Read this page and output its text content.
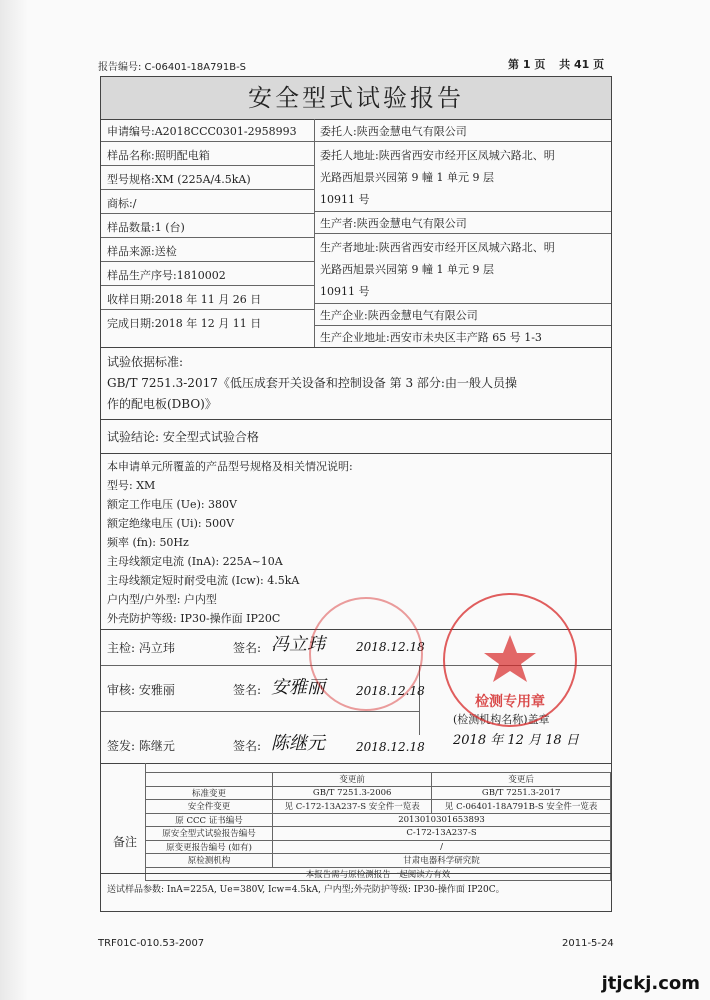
报告编号: C-06401-18A791B-S	第 1 页 共 41 页
安全型式试验报告
申请编号:A2018CCC0301-2958993
样品名称:照明配电箱
型号规格:XM (225A/4.5kA)
商标:/
样品数量:1 (台)
样品来源:送检
样品生产序号:1810002
收样日期:2018 年 11 月 26 日
完成日期:2018 年 12 月 11 日
委托人:陕西金慧电气有限公司
委托人地址:陕西省西安市经开区凤城六路北、明
光路西旭景兴园第 9 幢 1 单元 9 层
10911 号
生产者:陕西金慧电气有限公司
生产者地址:陕西省西安市经开区凤城六路北、明
光路西旭景兴园第 9 幢 1 单元 9 层
10911 号
生产企业:陕西金慧电气有限公司
生产企业地址:西安市未央区丰产路 65 号 1-3
试验依据标准:
GB/T 7251.3-2017《低压成套开关设备和控制设备 第 3 部分:由一般人员操
作的配电板(DBO)》
试验结论: 安全型式试验合格
本申请单元所覆盖的产品型号规格及相关情况说明:
型号: XM
额定工作电压 (Ue): 380V
额定绝缘电压 (Ui): 500V
频率 (fn): 50Hz
主母线额定电流 (InA): 225A~10A
主母线额定短时耐受电流 (Icw): 4.5kA
户内型/户外型: 户内型
外壳防护等级: IP30-操作面 IP20C
主检: 冯立玮	签名: 冯立玮	2018.12.18
审核: 安雅丽	签名: 安雅丽	2018.12.18
签发: 陈继元	签名: 陈继元	2018.12.18
(检测机构名称)盖章
2018 年 12 月 18 日
检测专用章
备注
	变更前	变更后
标准变更	GB/T 7251.3-2006	GB/T 7251.3-2017
安全件变更	见 C-172-13A237-S 安全件一览表	见 C-06401-18A791B-S 安全件一览表
原 CCC 证书编号	2013010301653893	
原安全型式试验报告编号	C-172-13A237-S	
原变更报告编号 (如有)	/	
原检测机构	甘肃电器科学研究院	
本报告需与原检测报告一起阅读方有效		
送试样品参数: InA=225A, Ue=380V, Icw=4.5kA, 户内型;外壳防护等级: IP30-操作面 IP20C。
TRF01C-010.53-2007	2011-5-24
jtjckj.com
